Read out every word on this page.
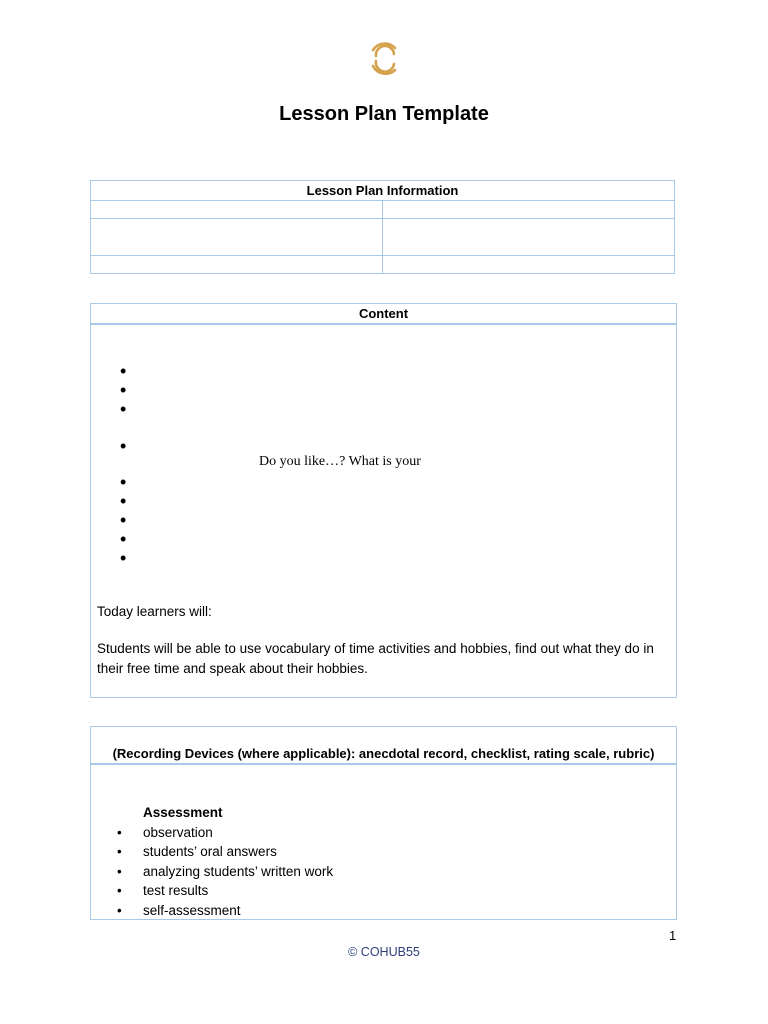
Lesson Plan Template
Lesson Plan Information	

Content
•
•
•
•
•
•
•
•
•
Do you like…? What is your
Today learners will:
Students will be able to use vocabulary of time activities and hobbies, find out what they do in their free time and speak about their hobbies.
(Recording Devices (where applicable): anecdotal record, checklist, rating scale, rubric)
Assessment
• observation
• students’ oral answers
• analyzing students’ written work
• test results
• self-assessment
1
© COHUB55
